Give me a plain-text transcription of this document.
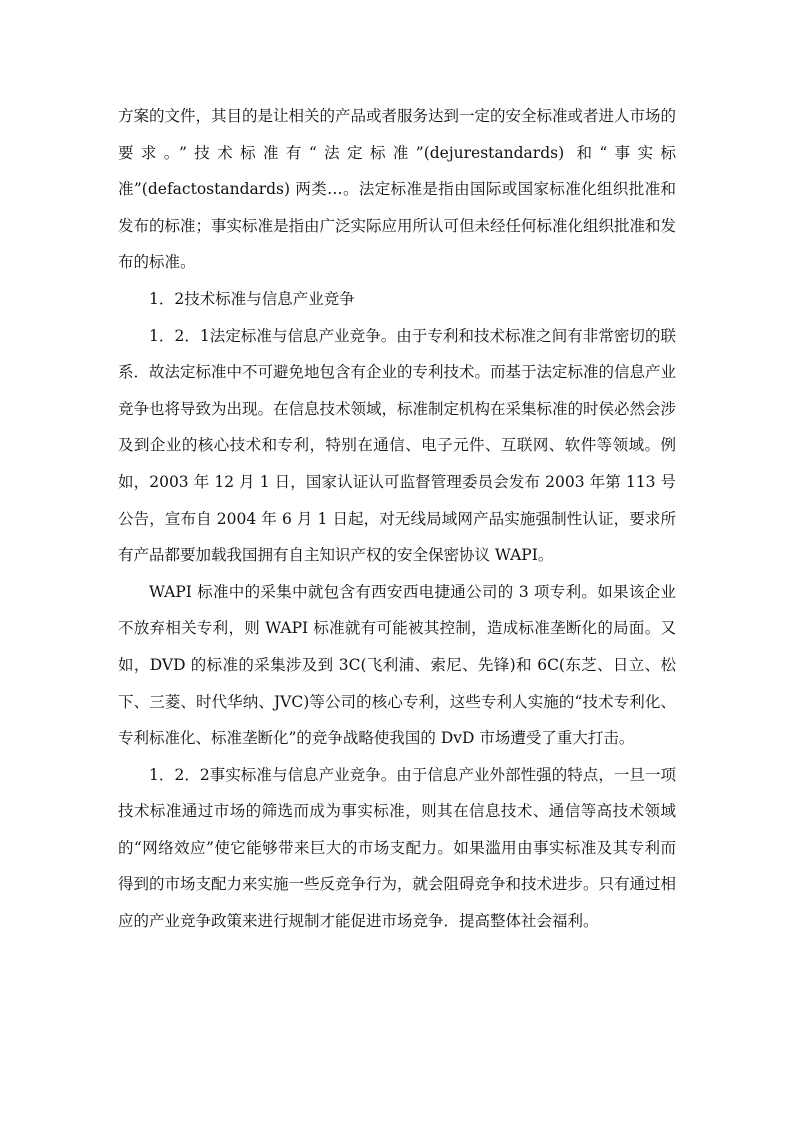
方案的文件，其目的是让相关的产品或者服务达到一定的安全标准或者进人市场的要求。”技术标准有“法定标准”(dejurestandards) 和“事实标准”(defactostandards) 两类…。法定标准是指由国际或国家标准化组织批准和发布的标准；事实标准是指由广泛实际应用所认可但未经任何标准化组织批准和发布的标准。

1．2技术标准与信息产业竞争

1．2．1法定标准与信息产业竞争。由于专利和技术标准之间有非常密切的联系．故法定标准中不可避免地包含有企业的专利技术。而基于法定标准的信息产业竞争也将导致为出现。在信息技术领域，标准制定机构在采集标准的时侯必然会涉及到企业的核心技术和专利，特别在通信、电子元件、互联网、软件等领域。例如，2003 年 12 月 1 日，国家认证认可监督管理委员会发布 2003 年第 113 号公告，宣布自 2004 年 6 月 1 日起，对无线局域网产品实施强制性认证，要求所有产品都要加载我国拥有自主知识产权的安全保密协议 WAPI。

WAPI 标准中的采集中就包含有西安西电捷通公司的 3 项专利。如果该企业不放弃相关专利，则 WAPI 标准就有可能被其控制，造成标准垄断化的局面。又如，DVD 的标准的采集涉及到 3C(飞利浦、索尼、先锋)和 6C(东芝、日立、松下、三菱、时代华纳、JVC)等公司的核心专利，这些专利人实施的“技术专利化、专利标准化、标准垄断化”的竞争战略使我国的 DvD 市场遭受了重大打击。

1．2．2事实标准与信息产业竞争。由于信息产业外部性强的特点，一旦一项技术标准通过市场的筛选而成为事实标准，则其在信息技术、通信等高技术领域的“网络效应”使它能够带来巨大的市场支配力。如果滥用由事实标准及其专利而得到的市场支配力来实施一些反竞争行为，就会阻碍竞争和技术进步。只有通过相应的产业竞争政策来进行规制才能促进市场竞争．提高整体社会福利。
